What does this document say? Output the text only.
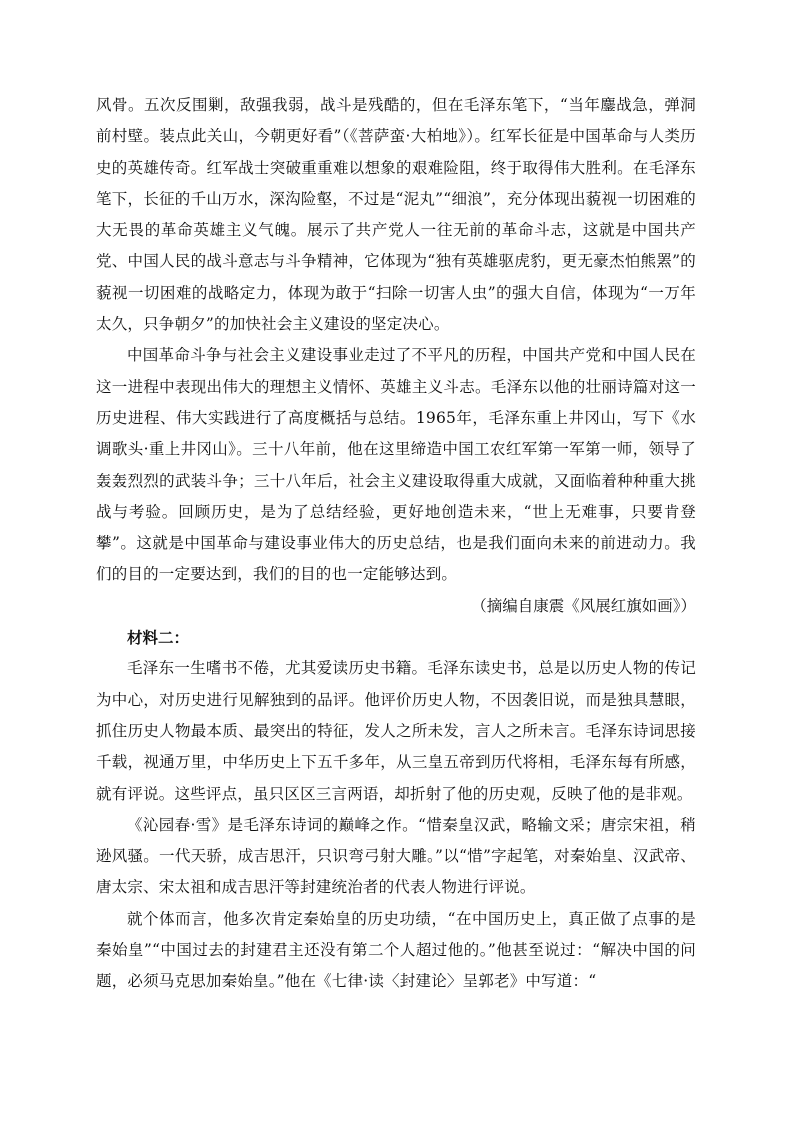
风骨。五次反围剿，敌强我弱，战斗是残酷的，但在毛泽东笔下，“当年鏖战急，弹洞前村壁。装点此关山，今朝更好看”（《菩萨蛮·大柏地》）。红军长征是中国革命与人类历史的英雄传奇。红军战士突破重重难以想象的艰难险阻，终于取得伟大胜利。在毛泽东笔下，长征的千山万水，深沟险壑，不过是“泥丸”“细浪”，充分体现出藐视一切困难的大无畏的革命英雄主义气魄。展示了共产党人一往无前的革命斗志，这就是中国共产党、中国人民的战斗意志与斗争精神，它体现为“独有英雄驱虎豹，更无豪杰怕熊罴”的藐视一切困难的战略定力，体现为敢于“扫除一切害人虫”的强大自信，体现为“一万年太久，只争朝夕”的加快社会主义建设的坚定决心。

中国革命斗争与社会主义建设事业走过了不平凡的历程，中国共产党和中国人民在这一进程中表现出伟大的理想主义情怀、英雄主义斗志。毛泽东以他的壮丽诗篇对这一历史进程、伟大实践进行了高度概括与总结。1965年，毛泽东重上井冈山，写下《水调歌头·重上井冈山》。三十八年前，他在这里缔造中国工农红军第一军第一师，领导了轰轰烈烈的武装斗争；三十八年后，社会主义建设取得重大成就，又面临着种种重大挑战与考验。回顾历史，是为了总结经验，更好地创造未来，“世上无难事，只要肯登攀”。这就是中国革命与建设事业伟大的历史总结，也是我们面向未来的前进动力。我们的目的一定要达到，我们的目的也一定能够达到。

（摘编自康震《风展红旗如画》）

材料二：

毛泽东一生嗜书不倦，尤其爱读历史书籍。毛泽东读史书，总是以历史人物的传记为中心，对历史进行见解独到的品评。他评价历史人物，不因袭旧说，而是独具慧眼，抓住历史人物最本质、最突出的特征，发人之所未发，言人之所未言。毛泽东诗词思接千载，视通万里，中华历史上下五千多年，从三皇五帝到历代将相，毛泽东每有所感，就有评说。这些评点，虽只区区三言两语，却折射了他的历史观，反映了他的是非观。

《沁园春·雪》是毛泽东诗词的巅峰之作。“惜秦皇汉武，略输文采；唐宗宋祖，稍逊风骚。一代天骄，成吉思汗，只识弯弓射大雕。”以“惜”字起笔，对秦始皇、汉武帝、唐太宗、宋太祖和成吉思汗等封建统治者的代表人物进行评说。

就个体而言，他多次肯定秦始皇的历史功绩，“在中国历史上，真正做了点事的是秦始皇”“中国过去的封建君主还没有第二个人超过他的。”他甚至说过：“解决中国的问题，必须马克思加秦始皇。”他在《七律·读〈封建论〉呈郭老》中写道：“
